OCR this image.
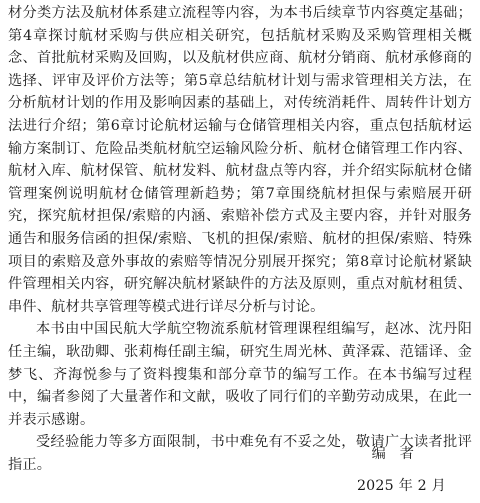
材分类方法及航材体系建立流程等内容，为本书后续章节内容奠定基础；第4章探讨航材采购与供应相关研究，包括航材采购及采购管理相关概念、首批航材采购及回购，以及航材供应商、航材分销商、航材承修商的选择、评审及评价方法等；第5章总结航材计划与需求管理相关方法，在分析航材计划的作用及影响因素的基础上，对传统消耗件、周转件计划方法进行介绍；第6章讨论航材运输与仓储管理相关内容，重点包括航材运输方案制订、危险品类航材航空运输风险分析、航材仓储管理工作内容、航材入库、航材保管、航材发料、航材盘点等内容，并介绍实际航材仓储管理案例说明航材仓储管理新趋势；第7章围绕航材担保与索赔展开研究，探究航材担保/索赔的内涵、索赔补偿方式及主要内容，并针对服务通告和服务信函的担保/索赔、飞机的担保/索赔、航材的担保/索赔、特殊项目的索赔及意外事故的索赔等情况分别展开探究；第8章讨论航材紧缺件管理相关内容，研究解决航材紧缺件的方法及原则，重点对航材租赁、串件、航材共享管理等模式进行详尽分析与讨论。

本书由中国民航大学航空物流系航材管理课程组编写，赵冰、沈丹阳任主编，耿劭卿、张莉梅任副主编，研究生周光林、黄泽霖、范镭译、金梦飞、齐海悦参与了资料搜集和部分章节的编写工作。在本书编写过程中，编者参阅了大量著作和文献，吸收了同行们的辛勤劳动成果，在此一并表示感谢。

受经验能力等多方面限制，书中难免有不妥之处，敬请广大读者批评指正。

编者
2025 年 2 月
